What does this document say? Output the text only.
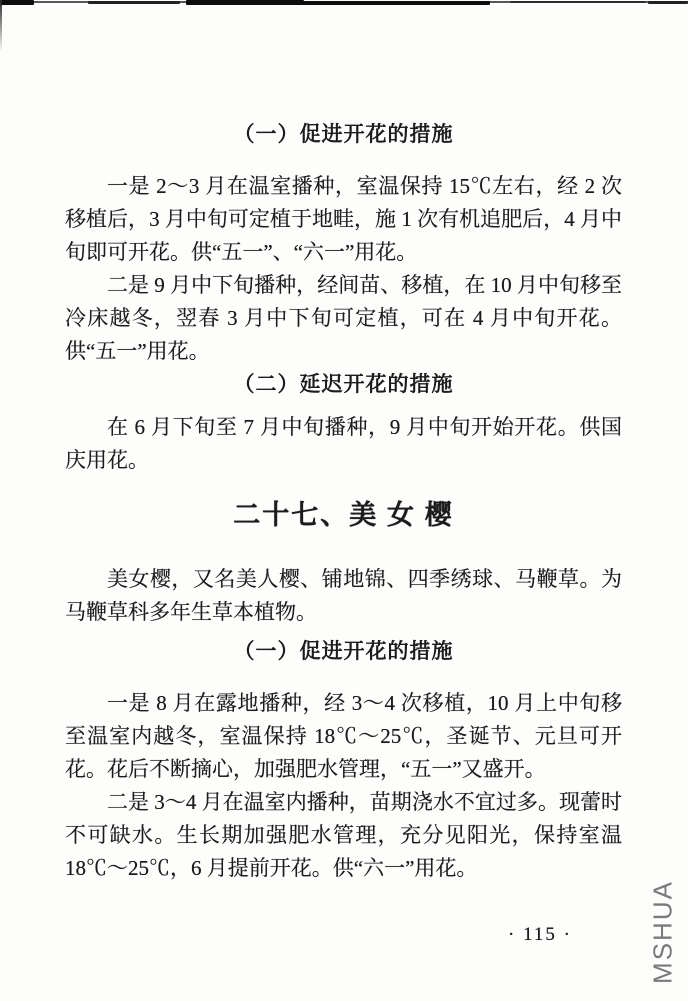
（一）促进开花的措施

一是 2～3 月在温室播种，室温保持 15℃左右，经 2 次移植后，3 月中旬可定植于地畦，施 1 次有机追肥后，4 月中旬即可开花。供“五一”、“六一”用花。

二是 9 月中下旬播种，经间苗、移植，在 10 月中旬移至冷床越冬，翌春 3 月中下旬可定植，可在 4 月中旬开花。供“五一”用花。

（二）延迟开花的措施

在 6 月下旬至 7 月中旬播种，9 月中旬开始开花。供国庆用花。

二十七、美 女 樱

美女樱，又名美人樱、铺地锦、四季绣球、马鞭草。为马鞭草科多年生草本植物。

（一）促进开花的措施

一是 8 月在露地播种，经 3～4 次移植，10 月上中旬移至温室内越冬，室温保持 18℃～25℃，圣诞节、元旦可开花。花后不断摘心，加强肥水管理，“五一”又盛开。

二是 3～4 月在温室内播种，苗期浇水不宜过多。现蕾时不可缺水。生长期加强肥水管理，充分见阳光，保持室温 18℃～25℃，6 月提前开花。供“六一”用花。

· 115 ·	MSHUA
